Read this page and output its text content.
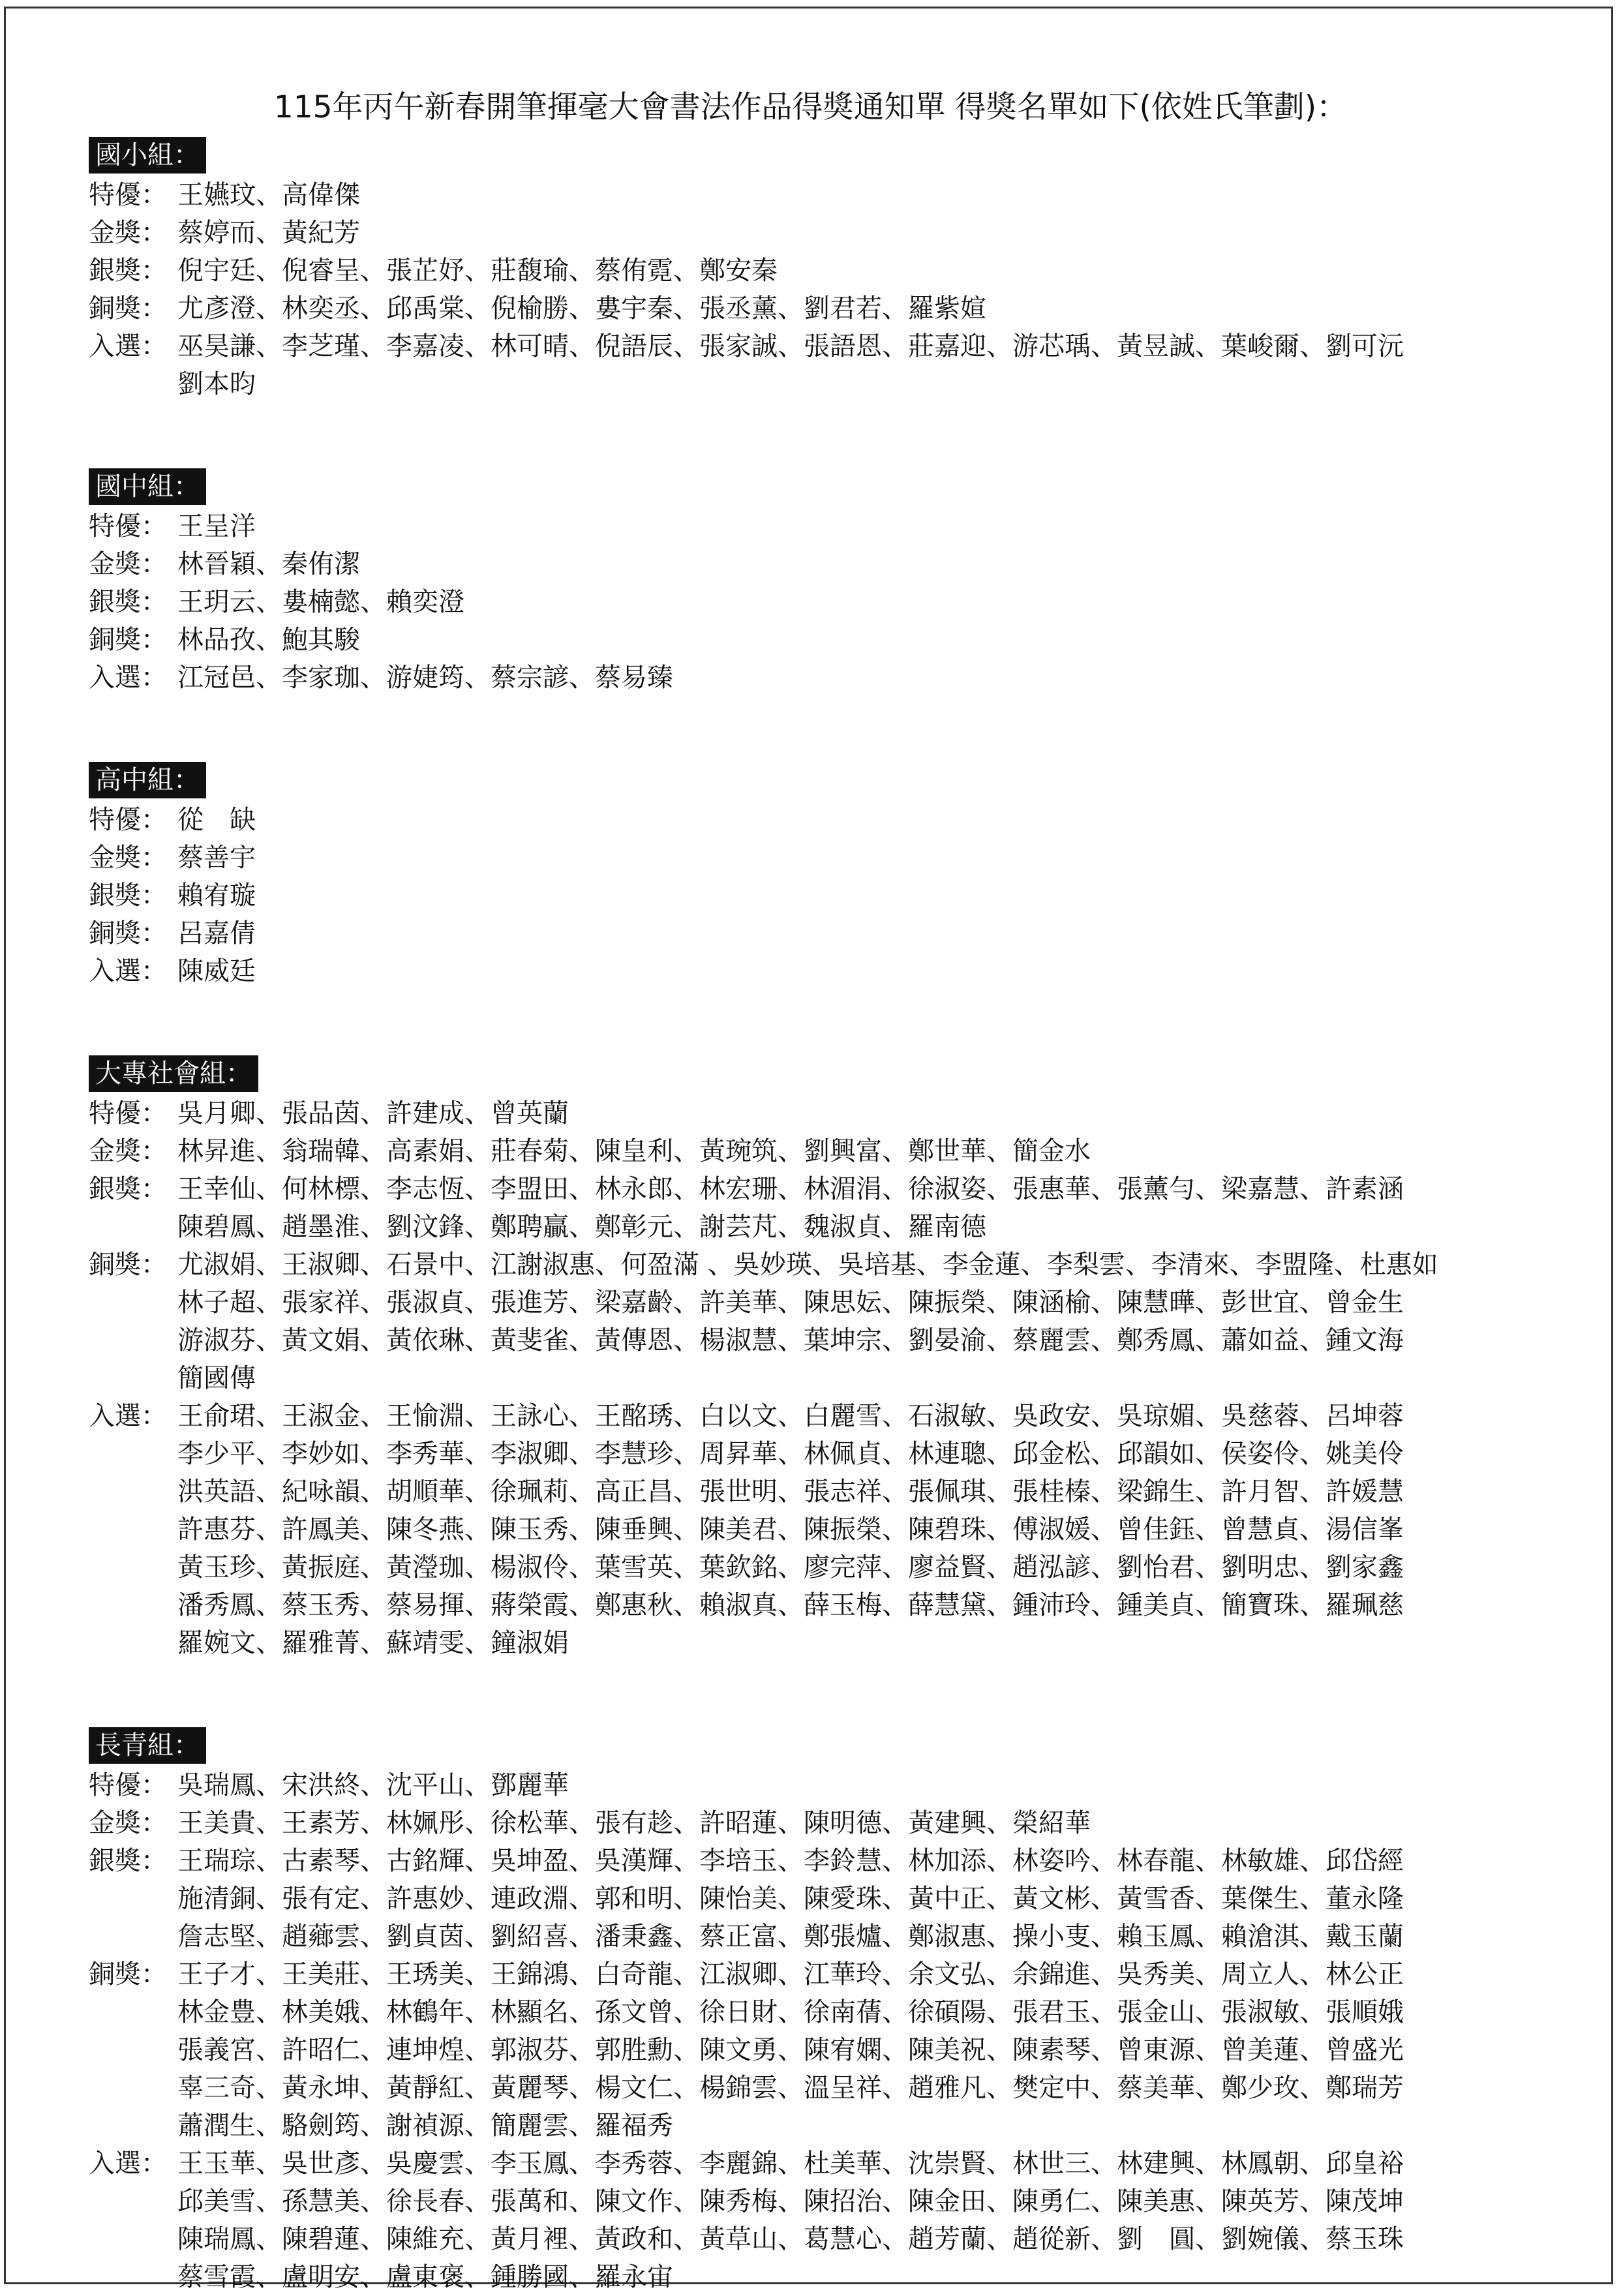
115年丙午新春開筆揮毫大會書法作品得獎通知單 得獎名單如下(依姓氏筆劃)：
國小組：
特優： 王嬿玟、高偉傑
金獎： 蔡婷而、黃紀芳
銀獎： 倪宇廷、倪睿呈、張芷妤、莊馥瑜、蔡侑霓、鄭安秦
銅獎： 尤彥澄、林奕丞、邱禹棠、倪榆勝、婁宇秦、張丞薰、劉君若、羅紫媗
入選： 巫昊謙、李芝瑾、李嘉凌、林可晴、倪語辰、張家誠、張語恩、莊嘉迎、游芯瑀、黃昱誠、葉峻爾、劉可沅
劉本昀
國中組：
特優： 王呈洋
金獎： 林晉穎、秦侑潔
銀獎： 王玥云、婁楠懿、賴奕澄
銅獎： 林品孜、鮑其駿
入選： 江冠邑、李家珈、游婕筠、蔡宗諺、蔡易臻
高中組：
特優： 從　缺
金獎： 蔡善宇
銀獎： 賴宥璇
銅獎： 呂嘉倩
入選： 陳威廷
大專社會組：
特優： 吳月卿、張品茵、許建成、曾英蘭
金獎： 林昇進、翁瑞韓、高素娟、莊春菊、陳皇利、黃琬筑、劉興富、鄭世華、簡金水
銀獎： 王幸仙、何林標、李志恆、李盟田、林永郎、林宏珊、林湄涓、徐淑姿、張惠華、張薰勻、梁嘉慧、許素涵
陳碧鳳、趙墨淮、劉汶鋒、鄭聘贏、鄭彰元、謝芸芃、魏淑貞、羅南德
銅獎： 尤淑娟、王淑卿、石景中、江謝淑惠、何盈滿 、吳妙瑛、吳培基、李金蓮、李梨雲、李清來、李盟隆、杜惠如
林子超、張家祥、張淑貞、張進芳、梁嘉齡、許美華、陳思妘、陳振榮、陳涵榆、陳慧曄、彭世宜、曾金生
游淑芬、黃文娟、黃依琳、黃斐雀、黃傳恩、楊淑慧、葉坤宗、劉晏渝、蔡麗雲、鄭秀鳳、蕭如益、鍾文海
簡國傳
入選： 王俞珺、王淑金、王愉淵、王詠心、王酩琇、白以文、白麗雪、石淑敏、吳政安、吳琼媚、吳慈蓉、呂坤蓉
李少平、李妙如、李秀華、李淑卿、李慧珍、周昇華、林佩貞、林連聰、邱金松、邱韻如、侯姿伶、姚美伶
洪英語、紀咏韻、胡順華、徐珮莉、高正昌、張世明、張志祥、張佩琪、張桂榛、梁錦生、許月智、許媛慧
許惠芬、許鳳美、陳冬燕、陳玉秀、陳垂興、陳美君、陳振榮、陳碧珠、傅淑媛、曾佳鈺、曾慧貞、湯信峯
黃玉珍、黃振庭、黃瀅珈、楊淑伶、葉雪英、葉欽銘、廖完萍、廖益賢、趙泓諺、劉怡君、劉明忠、劉家鑫
潘秀鳳、蔡玉秀、蔡易揮、蔣榮霞、鄭惠秋、賴淑真、薛玉梅、薛慧黛、鍾沛玲、鍾美貞、簡寶珠、羅珮慈
羅婉文、羅雅菁、蘇靖雯、鐘淑娟
長青組：
特優： 吳瑞鳳、宋洪終、沈平山、鄧麗華
金獎： 王美貴、王素芳、林姵彤、徐松華、張有趁、許昭蓮、陳明德、黃建興、榮紹華
銀獎： 王瑞琮、古素琴、古銘輝、吳坤盈、吳漢輝、李培玉、李鈴慧、林加添、林姿吟、林春龍、林敏雄、邱岱經
施清銅、張有定、許惠妙、連政淵、郭和明、陳怡美、陳愛珠、黃中正、黃文彬、黃雪香、葉傑生、董永隆
詹志堅、趙薌雲、劉貞茵、劉紹喜、潘秉鑫、蔡正富、鄭張爐、鄭淑惠、操小叓、賴玉鳳、賴滄淇、戴玉蘭
銅獎： 王子才、王美莊、王琇美、王錦鴻、白奇龍、江淑卿、江華玲、余文弘、余錦進、吳秀美、周立人、林公正
林金豊、林美娥、林鶴年、林顯名、孫文曾、徐日財、徐南蒨、徐碩陽、張君玉、張金山、張淑敏、張順娥
張義宮、許昭仁、連坤煌、郭淑芬、郭胜勳、陳文勇、陳宥嫻、陳美祝、陳素琴、曾東源、曾美蓮、曾盛光
辜三奇、黃永坤、黃靜紅、黃麗琴、楊文仁、楊錦雲、溫呈祥、趙雅凡、樊定中、蔡美華、鄭少玫、鄭瑞芳
蕭潤生、駱劍筠、謝禎源、簡麗雲、羅福秀
入選： 王玉華、吳世彥、吳慶雲、李玉鳳、李秀蓉、李麗錦、杜美華、沈崇賢、林世三、林建興、林鳳朝、邱皇裕
邱美雪、孫慧美、徐長春、張萬和、陳文作、陳秀梅、陳招治、陳金田、陳勇仁、陳美惠、陳英芳、陳茂坤
陳瑞鳳、陳碧蓮、陳維充、黃月裡、黃政和、黃草山、葛慧心、趙芳蘭、趙從新、劉　圓、劉婉儀、蔡玉珠
蔡雪霞、盧明安、盧東褒、鍾勝國、羅永宙
